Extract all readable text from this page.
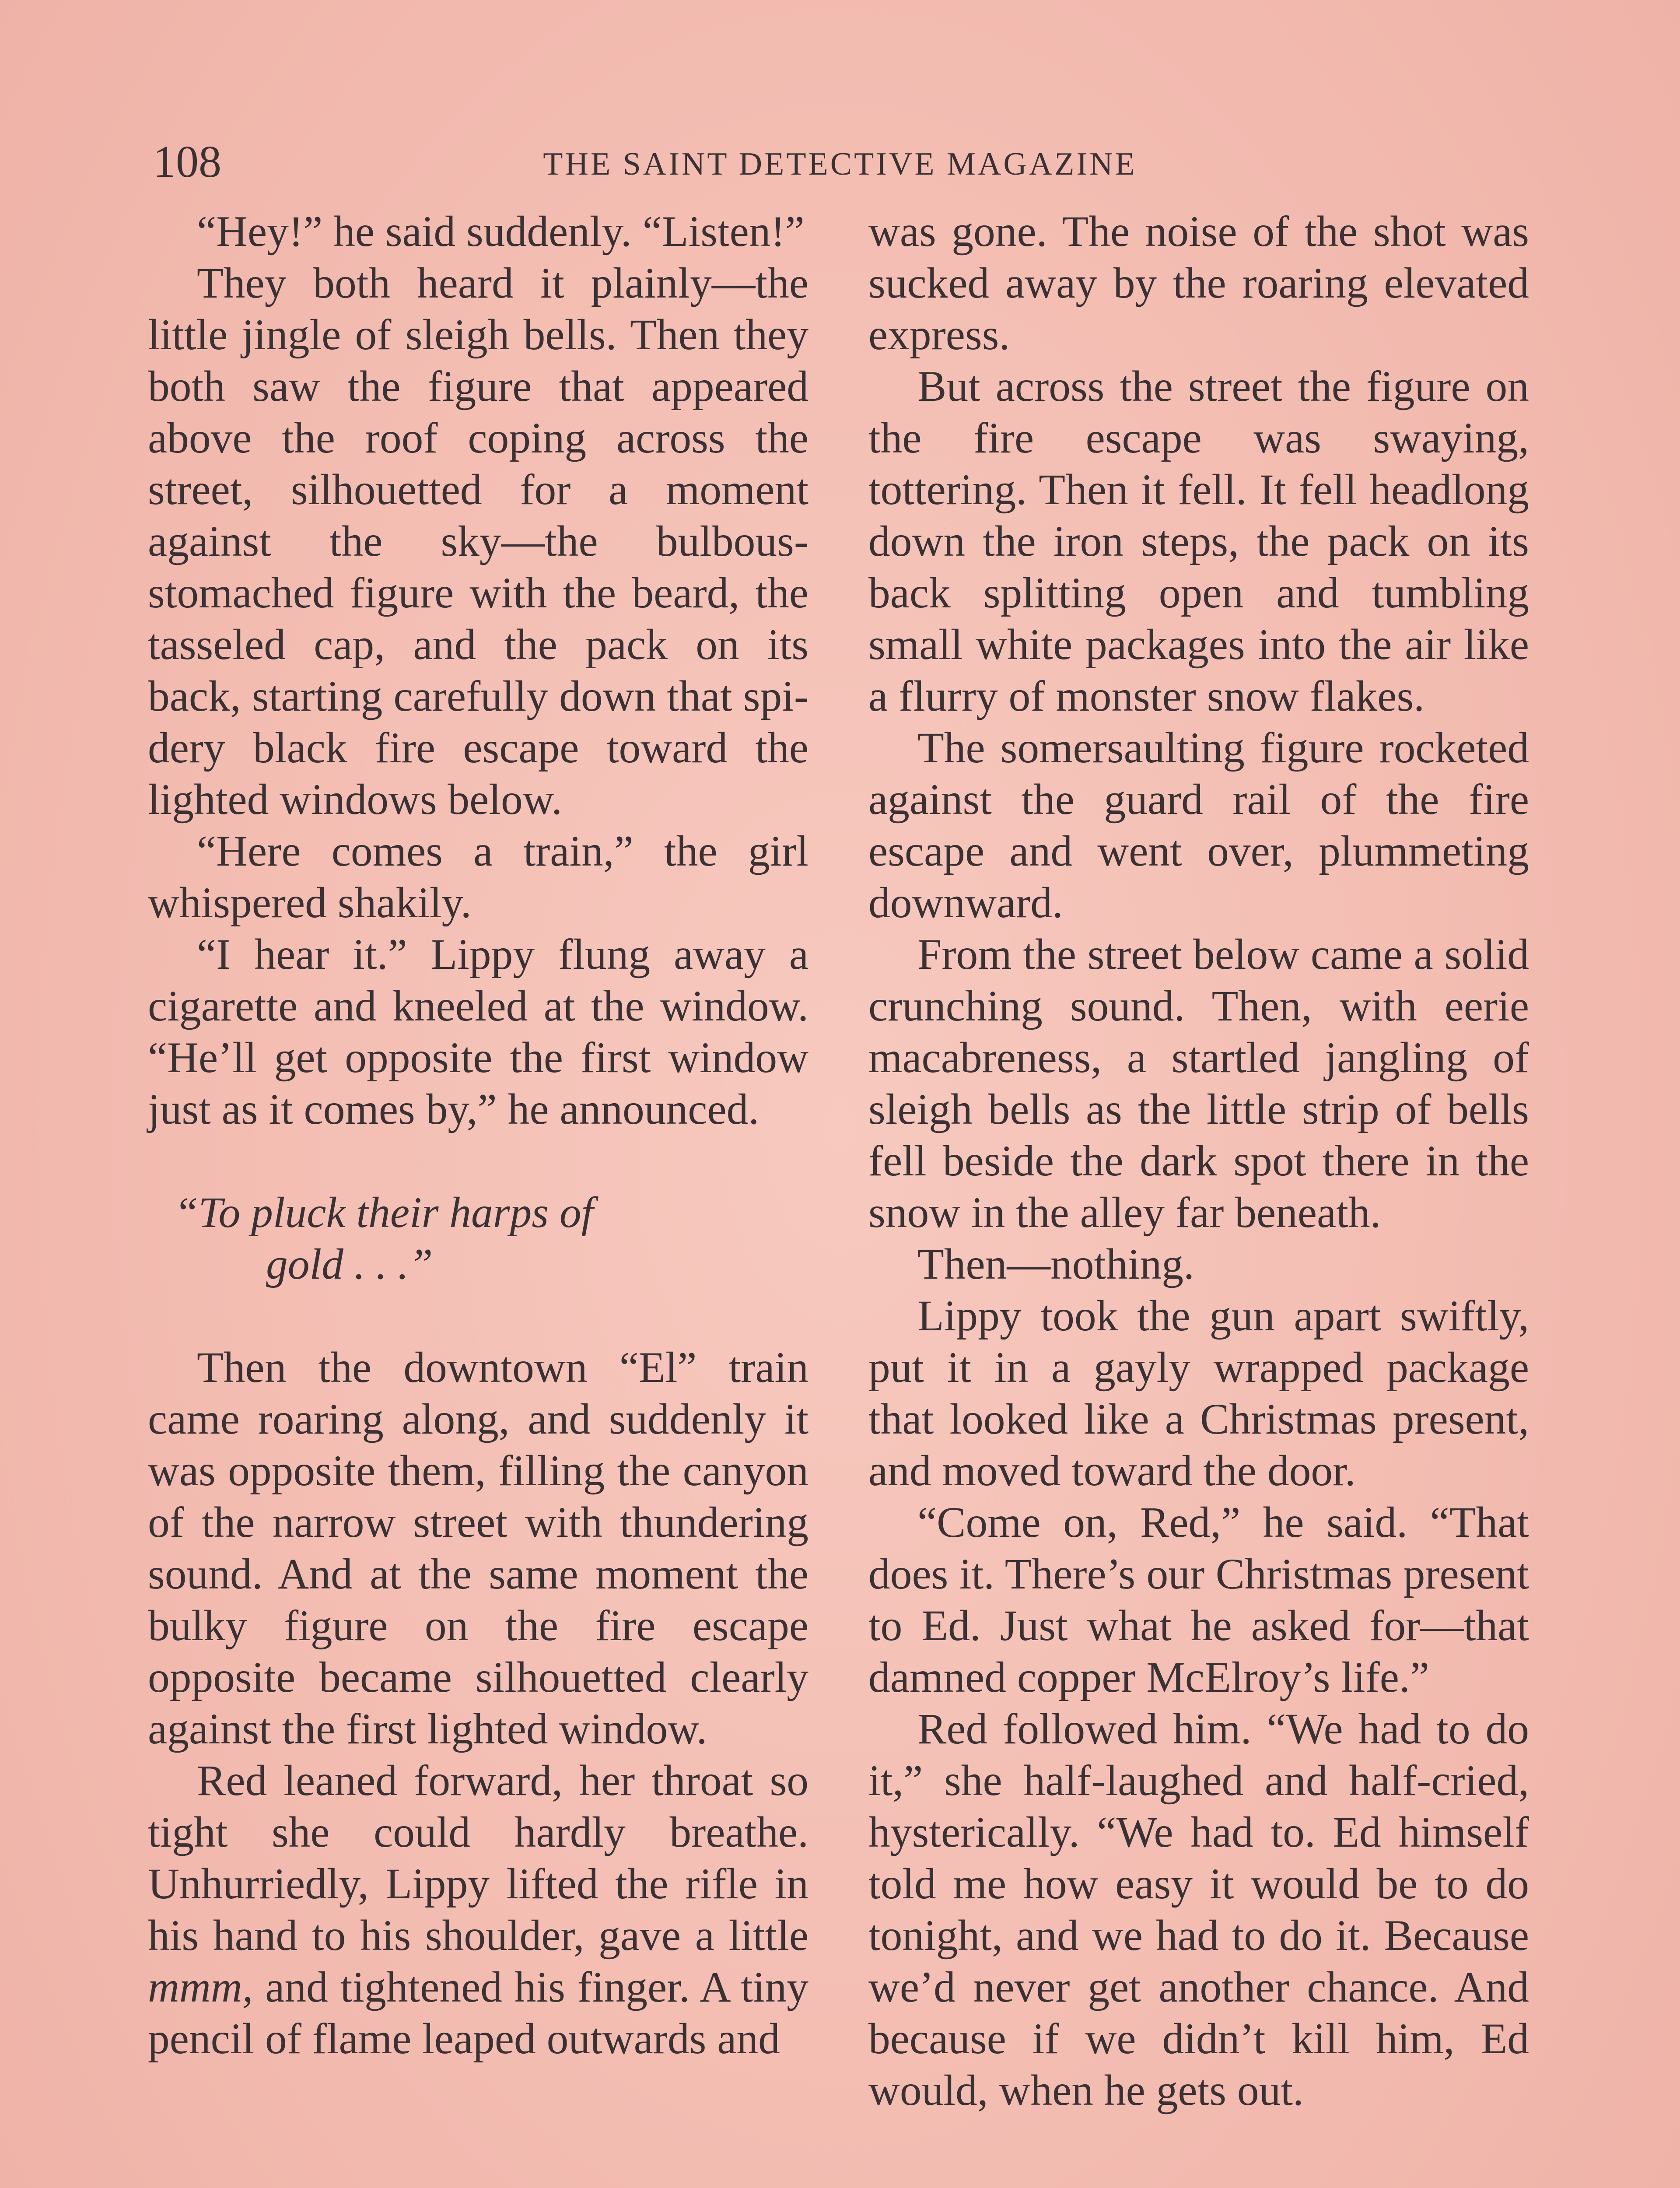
108	THE SAINT DETECTIVE MAGAZINE

“Hey!” he said suddenly. “Listen!”

They both heard it plainly—the little jingle of sleigh bells. Then they both saw the figure that appeared above the roof coping across the street, silhouetted for a moment against the sky—the bulbous-stomached figure with the beard, the tasseled cap, and the pack on its back, starting carefully down that spidery black fire escape toward the lighted windows below.

“Here comes a train,” the girl whispered shakily.

“I hear it.” Lippy flung away a cigarette and kneeled at the window. “He’ll get opposite the first window just as it comes by,” he announced.

“To pluck their harps of
gold . . .”

Then the downtown “El” train came roaring along, and suddenly it was opposite them, filling the canyon of the narrow street with thundering sound. And at the same moment the bulky figure on the fire escape opposite became silhouetted clearly against the first lighted window.

Red leaned forward, her throat so tight she could hardly breathe. Unhurriedly, Lippy lifted the rifle in his hand to his shoulder, gave a little mmm, and tightened his finger. A tiny pencil of flame leaped outwards and

was gone. The noise of the shot was sucked away by the roaring elevated express.

But across the street the figure on the fire escape was swaying, tottering. Then it fell. It fell headlong down the iron steps, the pack on its back splitting open and tumbling small white packages into the air like a flurry of monster snow flakes.

The somersaulting figure rocketed against the guard rail of the fire escape and went over, plummeting downward.

From the street below came a solid crunching sound. Then, with eerie macabreness, a startled jangling of sleigh bells as the little strip of bells fell beside the dark spot there in the snow in the alley far beneath.

Then—nothing.

Lippy took the gun apart swiftly, put it in a gayly wrapped package that looked like a Christmas present, and moved toward the door.

“Come on, Red,” he said. “That does it. There’s our Christmas present to Ed. Just what he asked for—that damned copper McElroy’s life.”

Red followed him. “We had to do it,” she half-laughed and half-cried, hysterically. “We had to. Ed himself told me how easy it would be to do tonight, and we had to do it. Because we’d never get another chance. And because if we didn’t kill him, Ed would, when he gets out.
